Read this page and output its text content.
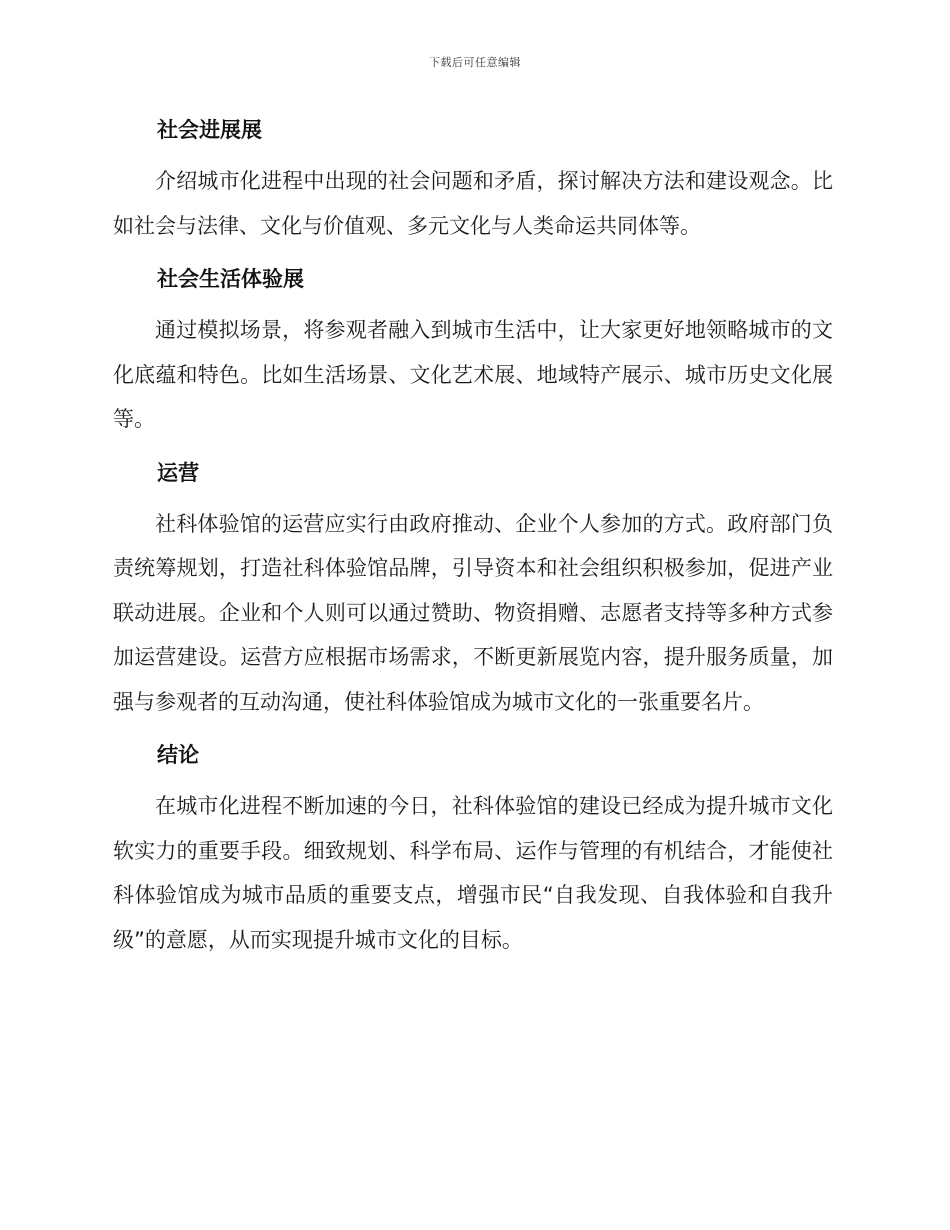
下载后可任意编辑
社会进展展

介绍城市化进程中出现的社会问题和矛盾，探讨解决方法和建设观念。比如社会与法律、文化与价值观、多元文化与人类命运共同体等。

社会生活体验展

通过模拟场景，将参观者融入到城市生活中，让大家更好地领略城市的文化底蕴和特色。比如生活场景、文化艺术展、地域特产展示、城市历史文化展等。

运营

社科体验馆的运营应实行由政府推动、企业个人参加的方式。政府部门负责统筹规划，打造社科体验馆品牌，引导资本和社会组织积极参加，促进产业联动进展。企业和个人则可以通过赞助、物资捐赠、志愿者支持等多种方式参加运营建设。运营方应根据市场需求，不断更新展览内容，提升服务质量，加强与参观者的互动沟通，使社科体验馆成为城市文化的一张重要名片。

结论

在城市化进程不断加速的今日，社科体验馆的建设已经成为提升城市文化软实力的重要手段。细致规划、科学布局、运作与管理的有机结合，才能使社科体验馆成为城市品质的重要支点，增强市民“自我发现、自我体验和自我升级”的意愿，从而实现提升城市文化的目标。
